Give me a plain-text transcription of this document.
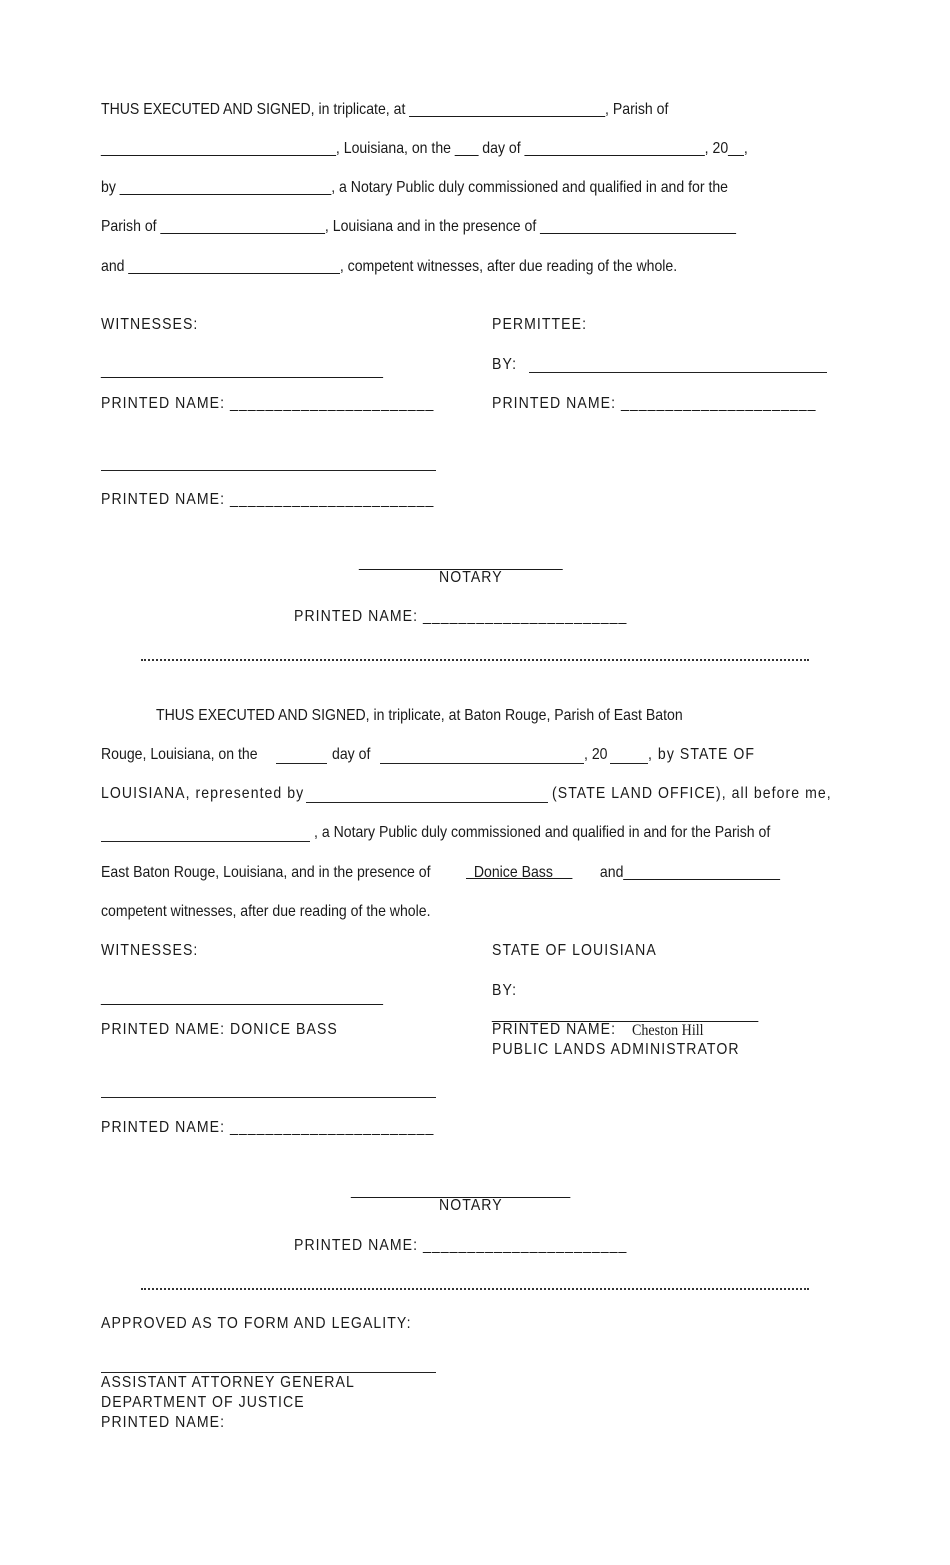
THUS EXECUTED AND SIGNED, in triplicate, at _________________________, Parish of
______________________________, Louisiana, on the ___ day of _______________________, 20__,
by ___________________________, a Notary Public duly commissioned and qualified in and for the
Parish of _____________________, Louisiana and in the presence of _________________________
and ___________________________, competent witnesses, after due reading of the whole.
WITNESSES:
____________________________________
PRINTED NAME: _______________________
PRINTED NAME: _______________________
PERMITTEE:
BY:
PRINTED NAME: ______________________
__________________________
NOTARY
PRINTED NAME: _______________________
THUS EXECUTED AND SIGNED, in triplicate, at Baton Rouge, Parish of East Baton
Rouge, Louisiana, on the	day of	, 20	, by STATE OF
LOUISIANA, represented by	(STATE LAND OFFICE), all before me,
, a Notary Public duly commissioned and qualified in and for the Parish of
East Baton Rouge, Louisiana, and in the presence of Donice Bass and____________________
competent witnesses, after due reading of the whole.
WITNESSES:
____________________________________
PRINTED NAME: DONICE BASS
PRINTED NAME: _______________________
STATE OF LOUISIANA
BY:
__________________________________
PRINTED NAME: Cheston Hill
PUBLIC LANDS ADMINISTRATOR
____________________________
NOTARY
PRINTED NAME: _______________________
APPROVED AS TO FORM AND LEGALITY:
ASSISTANT ATTORNEY GENERAL
DEPARTMENT OF JUSTICE
PRINTED NAME:
